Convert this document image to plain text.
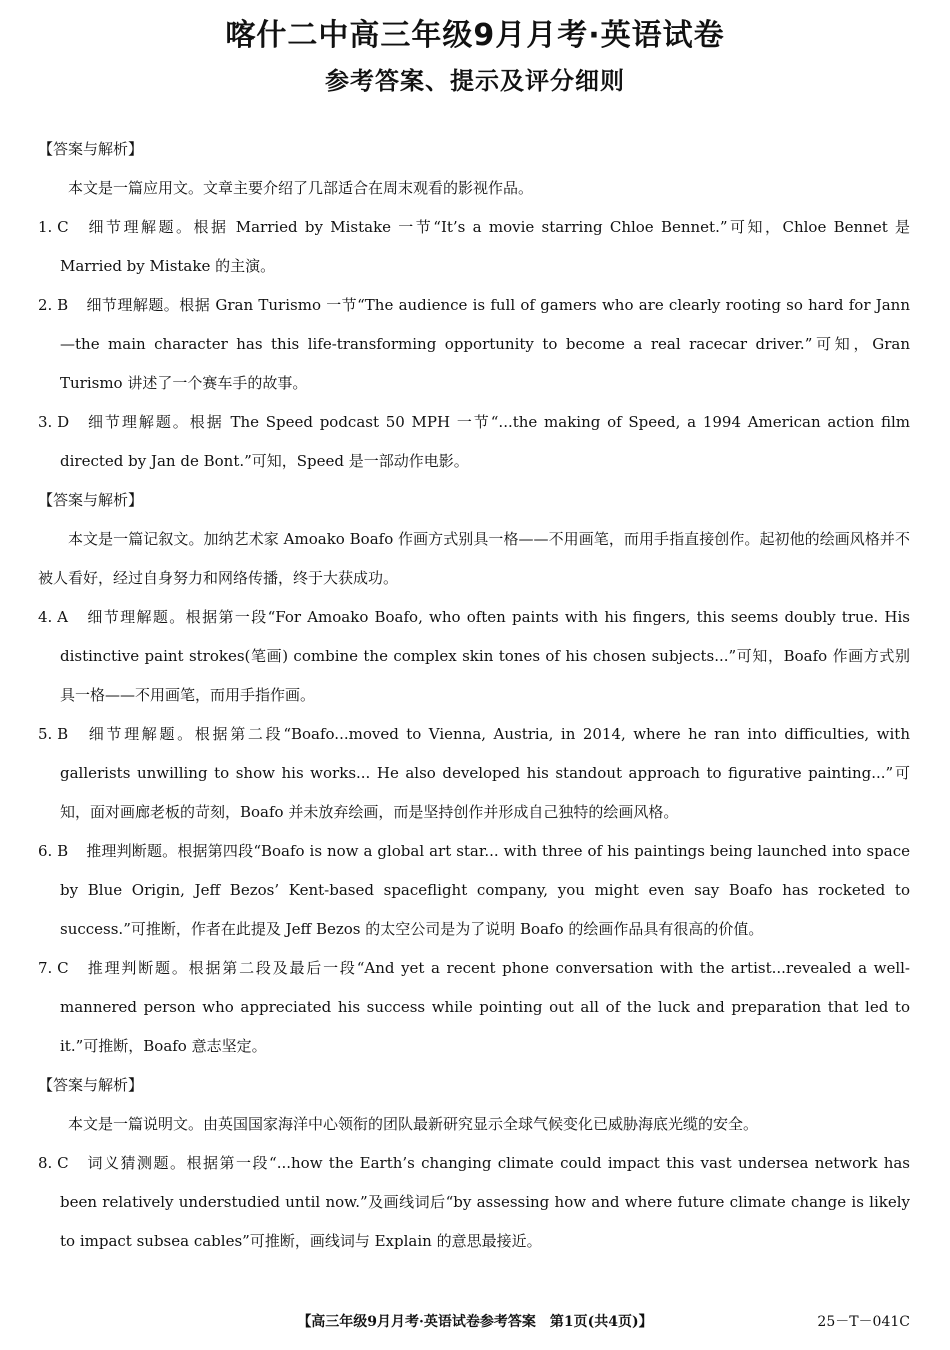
喀什二中高三年级9月月考·英语试卷
参考答案、提示及评分细则

【答案与解析】

本文是一篇应用文。文章主要介绍了几部适合在周末观看的影视作品。

1. C 细节理解题。根据 Married by Mistake 一节“It’s a movie starring Chloe Bennet.”可知，Chloe Bennet 是 Married by Mistake 的主演。

2. B 细节理解题。根据 Gran Turismo 一节“The audience is full of gamers who are clearly rooting so hard for Jann—the main character has this life-transforming opportunity to become a real racecar driver.”可知，Gran Turismo 讲述了一个赛车手的故事。

3. D 细节理解题。根据 The Speed podcast 50 MPH 一节“...the making of Speed, a 1994 American action film directed by Jan de Bont.”可知，Speed 是一部动作电影。

【答案与解析】

本文是一篇记叙文。加纳艺术家 Amoako Boafo 作画方式别具一格——不用画笔，而用手指直接创作。起初他的绘画风格并不被人看好，经过自身努力和网络传播，终于大获成功。

4. A 细节理解题。根据第一段“For Amoako Boafo, who often paints with his fingers, this seems doubly true. His distinctive paint strokes(笔画) combine the complex skin tones of his chosen subjects...”可知，Boafo 作画方式别具一格——不用画笔，而用手指作画。

5. B 细节理解题。根据第二段“Boafo...moved to Vienna, Austria, in 2014, where he ran into difficulties, with gallerists unwilling to show his works... He also developed his standout approach to figurative painting...”可知，面对画廊老板的苛刻，Boafo 并未放弃绘画，而是坚持创作并形成自己独特的绘画风格。

6. B 推理判断题。根据第四段“Boafo is now a global art star... with three of his paintings being launched into space by Blue Origin, Jeff Bezos’ Kent-based spaceflight company, you might even say Boafo has rocketed to success.”可推断，作者在此提及 Jeff Bezos 的太空公司是为了说明 Boafo 的绘画作品具有很高的价值。

7. C 推理判断题。根据第二段及最后一段“And yet a recent phone conversation with the artist...revealed a well-mannered person who appreciated his success while pointing out all of the luck and preparation that led to it.”可推断，Boafo 意志坚定。

【答案与解析】

本文是一篇说明文。由英国国家海洋中心领衔的团队最新研究显示全球气候变化已威胁海底光缆的安全。

8. C 词义猜测题。根据第一段“...how the Earth’s changing climate could impact this vast undersea network has been relatively understudied until now.”及画线词后“by assessing how and where future climate change is likely to impact subsea cables”可推断，画线词与 Explain 的意思最接近。

【高三年级9月月考·英语试卷参考答案　第1页(共4页)】	25－T－041C
